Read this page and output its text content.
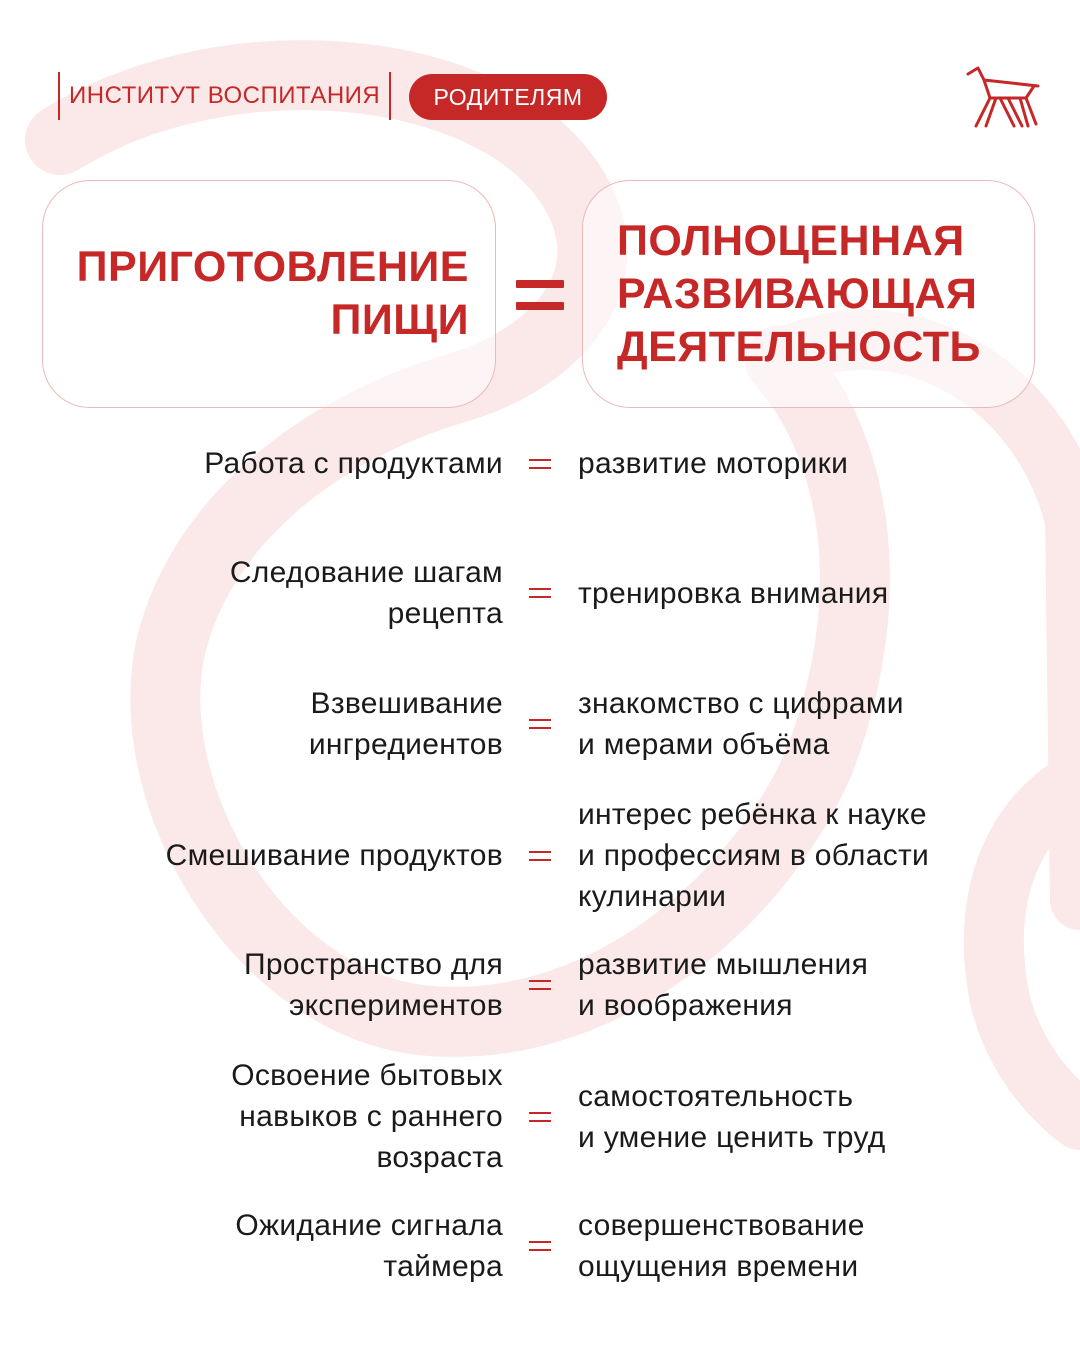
ИНСТИТУТ ВОСПИТАНИЯ РОДИТЕЛЯМ
ПРИГОТОВЛЕНИЕ
ПИЩИ
ПОЛНОЦЕННАЯ
РАЗВИВАЮЩАЯ
ДЕЯТЕЛЬНОСТЬ
Работа с продуктами	развитие моторики
Следование шагам
рецепта
тренировка внимания
Взвешивание
ингредиентов
знакомство с цифрами
и мерами объёма
Смешивание продуктов
интерес ребёнка к науке
и профессиям в области
кулинарии
Пространство для
экспериментов
развитие мышления
и воображения
Освоение бытовых
навыков с раннего
возраста
самостоятельность
и умение ценить труд
Ожидание сигнала
таймера
совершенствование
ощущения времени
